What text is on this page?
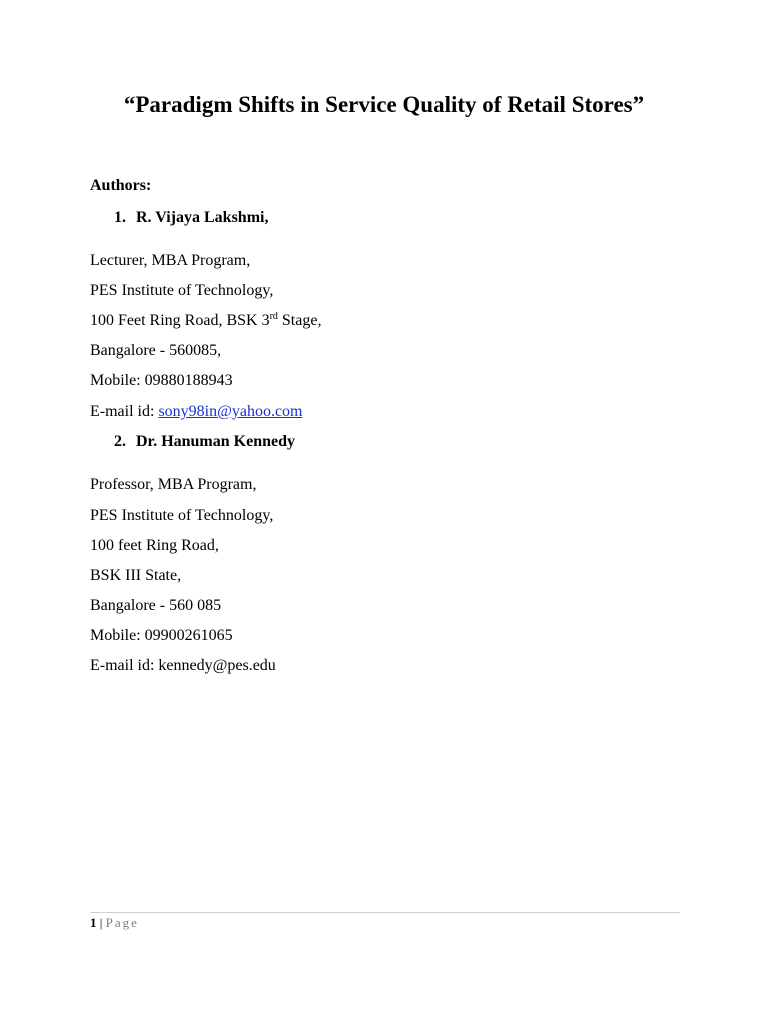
“Paradigm Shifts in Service Quality of Retail Stores”
Authors:
1. R. Vijaya Lakshmi,
Lecturer, MBA Program,
PES Institute of Technology,
100 Feet Ring Road, BSK 3rd Stage,
Bangalore - 560085,
Mobile: 09880188943
E-mail id: sony98in@yahoo.com
2. Dr. Hanuman Kennedy
Professor, MBA Program,
PES Institute of Technology,
100 feet Ring Road,
BSK III State,
Bangalore - 560 085
Mobile: 09900261065
E-mail id: kennedy@pes.edu
1 | Page
